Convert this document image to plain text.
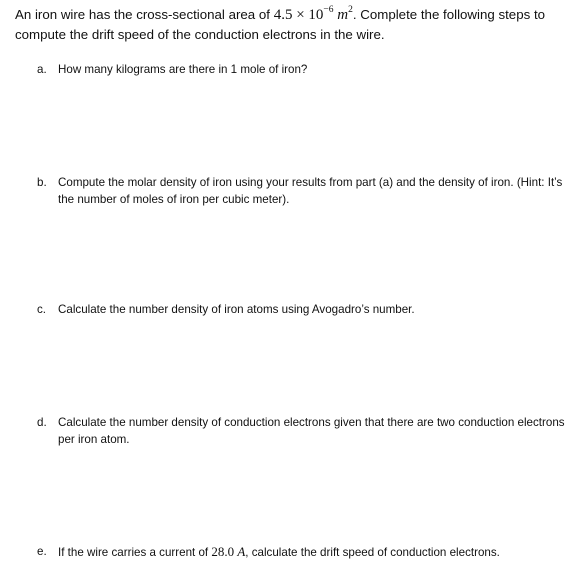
An iron wire has the cross-sectional area of $4.5 \times 10^{-6}$ $m^2$. Complete the following steps to compute the drift speed of the conduction electrons in the wire.

a. How many kilograms are there in 1 mole of iron?
b. Compute the molar density of iron using your results from part (a) and the density of iron. (Hint: It’s the number of moles of iron per cubic meter).
c.	Calculate the number density of iron atoms using Avogadro’s number.
d. Calculate the number density of conduction electrons given that there are two conduction electrons per iron atom.
e. If the wire carries a current of 28.0 A, calculate the drift speed of conduction electrons.
